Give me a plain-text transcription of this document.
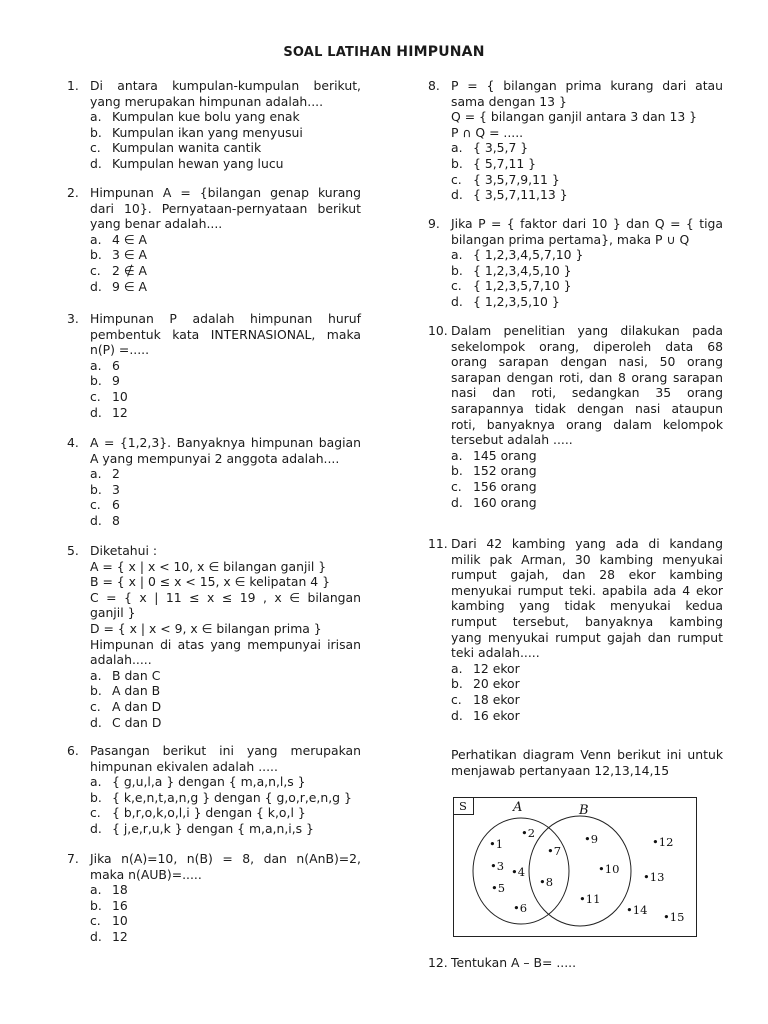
SOAL LATIHAN HIMPUNAN
1. Di antara kumpulan-kumpulan berikut,
yang merupakan himpunan adalah....
a. Kumpulan kue bolu yang enak
b. Kumpulan ikan yang menyusui
c. Kumpulan wanita cantik
d. Kumpulan hewan yang lucu
2. Himpunan A = {bilangan genap kurang
dari 10}. Pernyataan-pernyataan berikut
yang benar adalah....
a. 4 ∈ A
b. 3 ∈ A
c. 2 ∉ A
d. 9 ∈ A
3. Himpunan P adalah himpunan huruf
pembentuk kata INTERNASIONAL, maka
n(P) =.....
a. 6
b. 9
c. 10
d. 12
4. A = {1,2,3}. Banyaknya himpunan bagian
A yang mempunyai 2 anggota adalah....
a. 2
b. 3
c. 6
d. 8
5. Diketahui :
A = { x | x < 10, x ∈ bilangan ganjil }
B = { x | 0 ≤ x < 15, x ∈ kelipatan 4 }
C = { x | 11 ≤ x ≤ 19 , x ∈ bilangan
ganjil }
D = { x | x < 9, x ∈ bilangan prima }
Himpunan di atas yang mempunyai irisan
adalah.....
a. B dan C
b. A dan B
c. A dan D
d. C dan D
6. Pasangan berikut ini yang merupakan
himpunan ekivalen adalah .....
a. { g,u,l,a } dengan { m,a,n,l,s }
b. { k,e,n,t,a,n,g } dengan { g,o,r,e,n,g }
c. { b,r,o,k,o,l,i } dengan { k,o,l }
d. { j,e,r,u,k } dengan { m,a,n,i,s }
7. Jika n(A)=10, n(B) = 8, dan n(AnB)=2,
maka n(AUB)=.....
a. 18
b. 16
c. 10
d. 12
8. P = { bilangan prima kurang dari atau
sama dengan 13 }
Q = { bilangan ganjil antara 3 dan 13 }
P ∩ Q = .....
a. { 3,5,7 }
b. { 5,7,11 }
c. { 3,5,7,9,11 }
d. { 3,5,7,11,13 }
9. Jika P = { faktor dari 10 } dan Q = { tiga
bilangan prima pertama}, maka P ∪ Q
a. { 1,2,3,4,5,7,10 }
b. { 1,2,3,4,5,10 }
c. { 1,2,3,5,7,10 }
d. { 1,2,3,5,10 }
10. Dalam penelitian yang dilakukan pada
sekelompok orang, diperoleh data 68
orang sarapan dengan nasi, 50 orang
sarapan dengan roti, dan 8 orang sarapan
nasi dan roti, sedangkan 35 orang
sarapannya tidak dengan nasi ataupun
roti, banyaknya orang dalam kelompok
tersebut adalah .....
a. 145 orang
b. 152 orang
c. 156 orang
d. 160 orang
11. Dari 42 kambing yang ada di kandang
milik pak Arman, 30 kambing menyukai
rumput gajah, dan 28 ekor kambing
menyukai rumput teki. apabila ada 4 ekor
kambing yang tidak menyukai kedua
rumput tersebut, banyaknya kambing
yang menyukai rumput gajah dan rumput
teki adalah.....
a. 12 ekor
b. 20 ekor
c. 18 ekor
d. 16 ekor
Perhatikan diagram Venn berikut ini untuk
menjawab pertanyaan 12,13,14,15
S	A	B
•1
•2
•3 •4
•5
•6
•7
•8
•9
•10
•11
•12
•13
•14 •15
12. Tentukan A – B= .....
